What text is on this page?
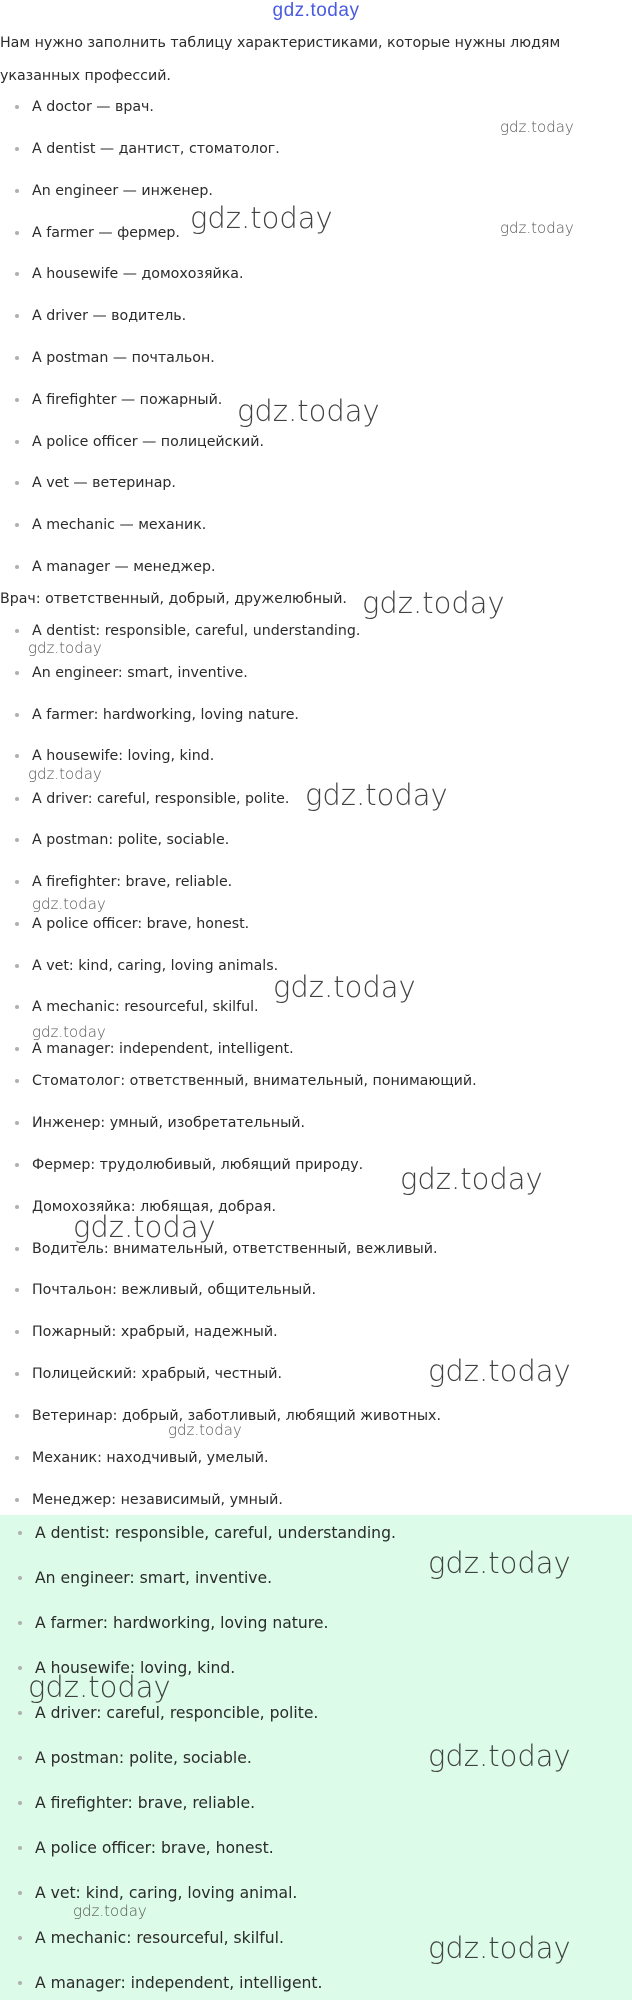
gdz.today
Нам нужно заполнить таблицу характеристиками, которые нужны людям указанных профессий.
A doctor — врач.
A dentist — дантист, стоматолог.
An engineer — инженер.
A farmer — фермер.
A housewife — домохозяйка.
A driver — водитель.
A postman — почтальон.
A firefighter — пожарный.
A police officer — полицейский.
A vet — ветеринар.
A mechanic — механик.
A manager — менеджер.
Врач: ответственный, добрый, дружелюбный.
A dentist: responsible, careful, understanding.
An engineer: smart, inventive.
A farmer: hardworking, loving nature.
A housewife: loving, kind.
A driver: careful, responsible, polite.
A postman: polite, sociable.
A firefighter: brave, reliable.
A police officer: brave, honest.
A vet: kind, caring, loving animals.
A mechanic: resourceful, skilful.
A manager: independent, intelligent.
Стоматолог: ответственный, внимательный, понимающий.
Инженер: умный, изобретательный.
Фермер: трудолюбивый, любящий природу.
Домохозяйка: любящая, добрая.
Водитель: внимательный, ответственный, вежливый.
Почтальон: вежливый, общительный.
Пожарный: храбрый, надежный.
Полицейский: храбрый, честный.
Ветеринар: добрый, заботливый, любящий животных.
Механик: находчивый, умелый.
Менеджер: независимый, умный.
A dentist: responsible, careful, understanding.
An engineer: smart, inventive.
A farmer: hardworking, loving nature.
A housewife: loving, kind.
A driver: careful, responcible, polite.
A postman: polite, sociable.
A firefighter: brave, reliable.
A police officer: brave, honest.
A vet: kind, caring, loving animal.
A mechanic: resourceful, skilful.
A manager: independent, intelligent.
gdz.today
gdz.today	gdz.today
gdz.today
gdz.today
gdz.today
gdz.today
gdz.today
gdz.today
gdz.today
gdz.today
gdz.today
gdz.today
gdz.today
gdz.today
gdz.today
gdz.today
gdz.today
gdz.today
gdz.today
